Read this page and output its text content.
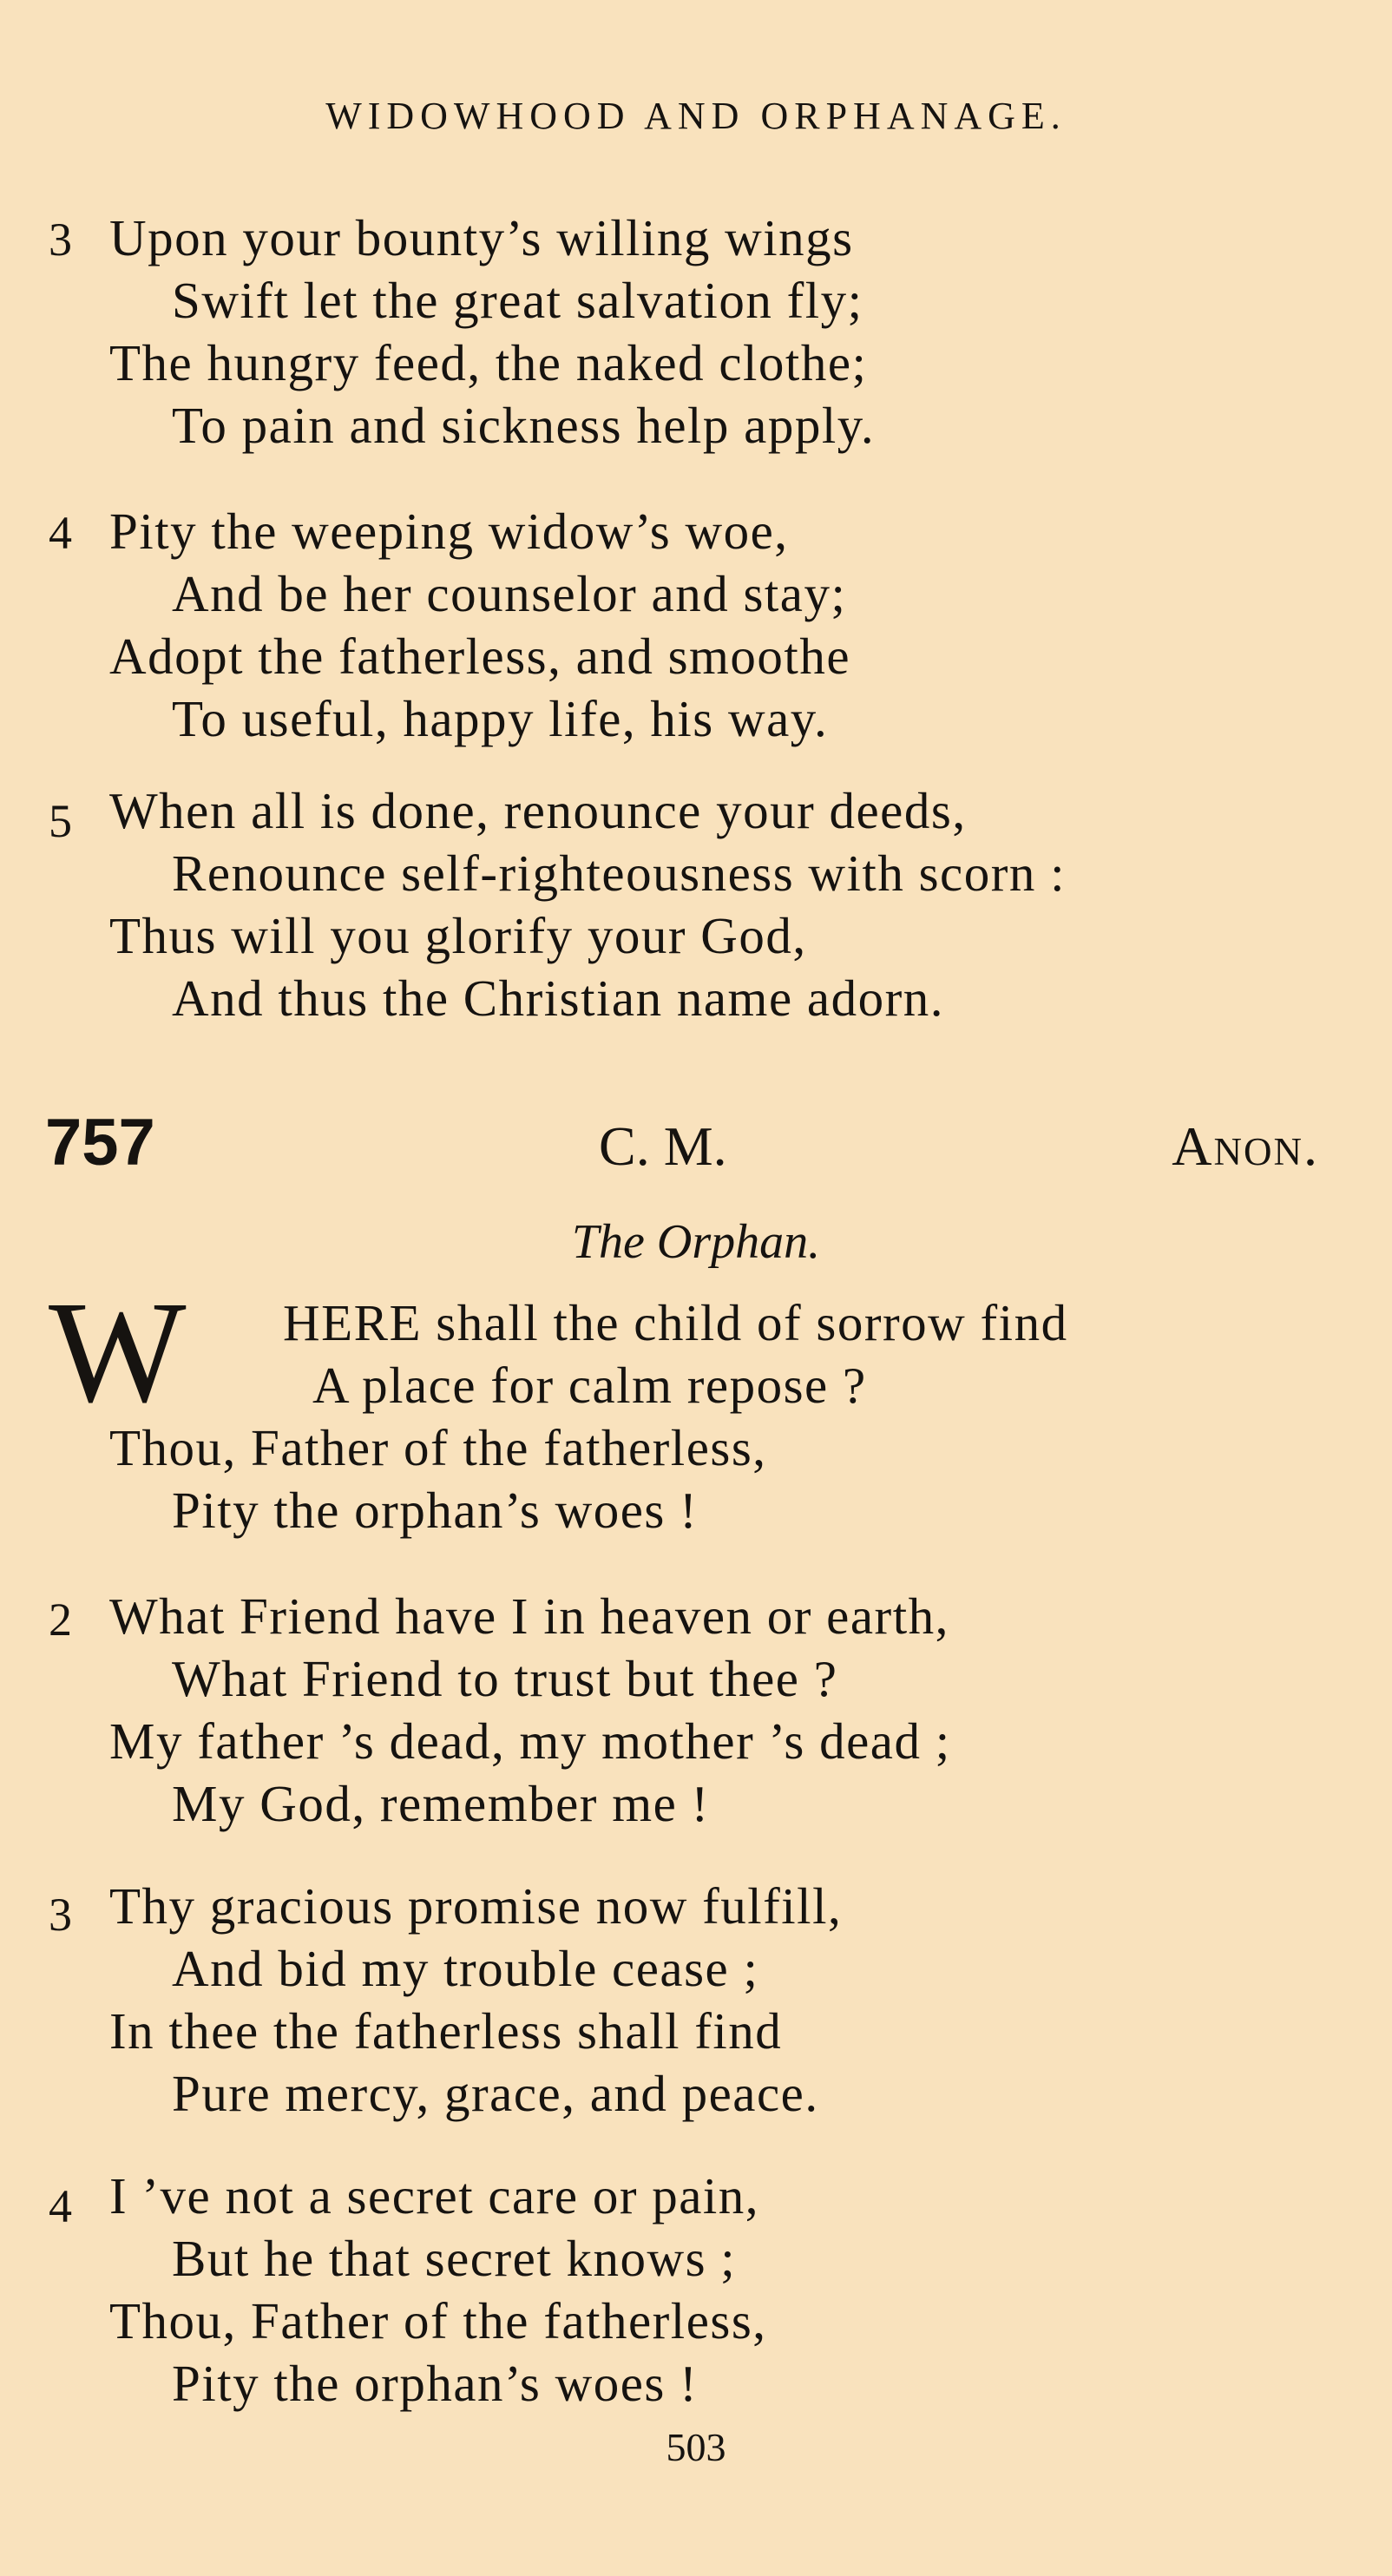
WIDOWHOOD AND ORPHANAGE.
3 Upon your bounty’s willing wings
Swift let the great salvation fly;
The hungry feed, the naked clothe;
To pain and sickness help apply.
4 Pity the weeping widow’s woe,
And be her counselor and stay;
Adopt the fatherless, and smoothe
To useful, happy life, his way.
5 When all is done, renounce your deeds,
Renounce self-righteousness with scorn :
Thus will you glorify your God,
And thus the Christian name adorn.
757	C. M.	Anon.
The Orphan.
W HERE shall the child of sorrow find
A place for calm repose ?
Thou, Father of the fatherless,
Pity the orphan’s woes !
2 What Friend have I in heaven or earth,
What Friend to trust but thee ?
My father ’s dead, my mother ’s dead ;
My God, remember me !
3 Thy gracious promise now fulfill,
And bid my trouble cease ;
In thee the fatherless shall find
Pure mercy, grace, and peace.
4 I ’ve not a secret care or pain,
But he that secret knows ;
Thou, Father of the fatherless,
Pity the orphan’s woes !
503
